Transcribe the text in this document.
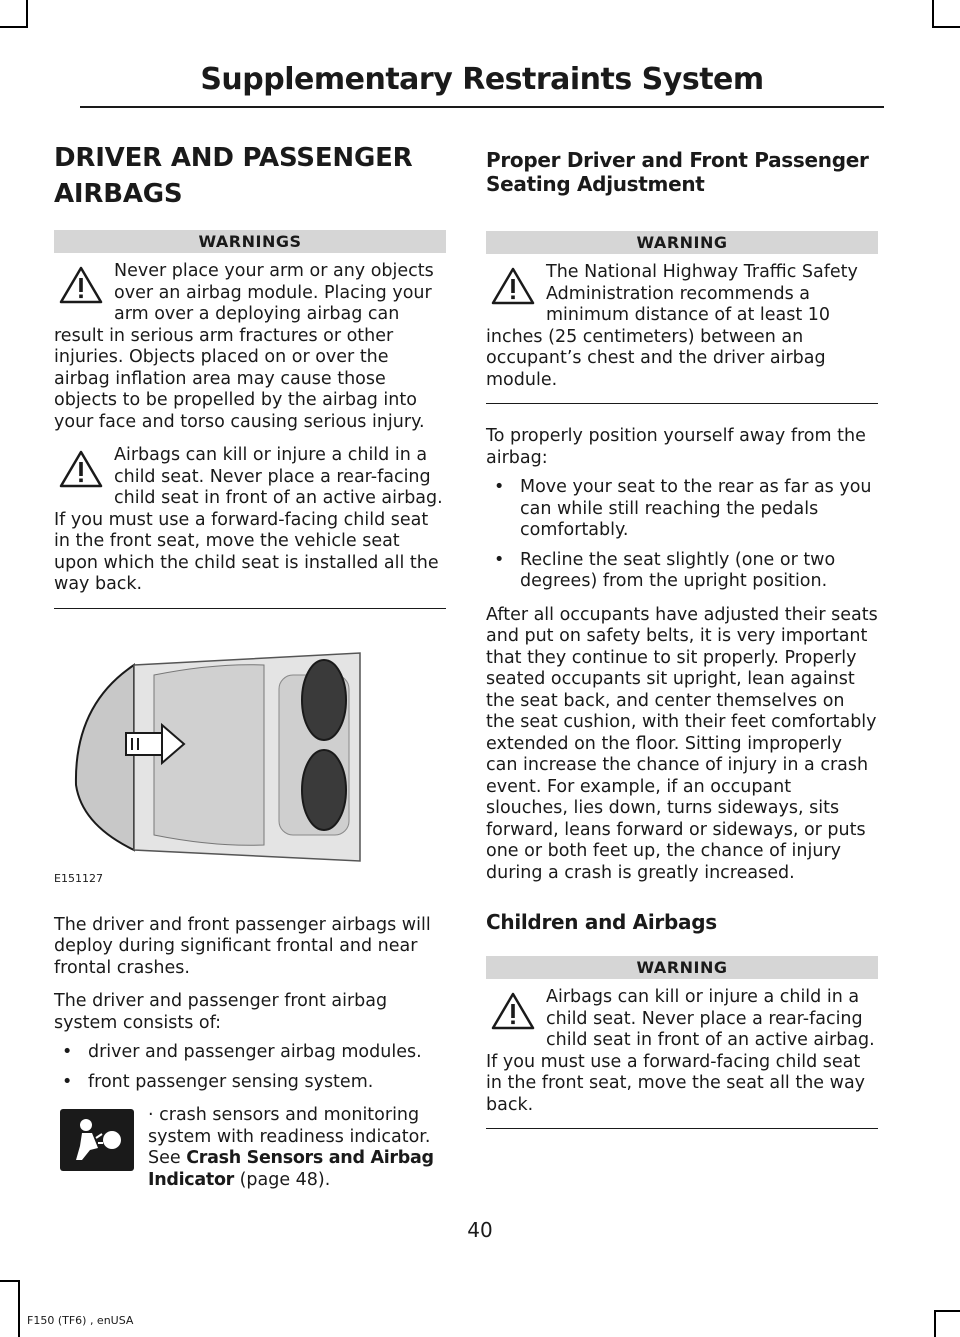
Supplementary Restraints System
DRIVER AND PASSENGER AIRBAGS
WARNINGS
Never place your arm or any objects over an airbag module. Placing your arm over a deploying airbag can result in serious arm fractures or other injuries. Objects placed on or over the airbag inflation area may cause those objects to be propelled by the airbag into your face and torso causing serious injury.
Airbags can kill or injure a child in a child seat. Never place a rear-facing child seat in front of an active airbag. If you must use a forward-facing child seat in the front seat, move the vehicle seat upon which the child seat is installed all the way back.
E151127

The driver and front passenger airbags will deploy during significant frontal and near frontal crashes.

The driver and passenger front airbag system consists of:

• driver and passenger airbag modules.
• front passenger sensing system.

· crash sensors and monitoring system with readiness indicator. See Crash Sensors and Airbag Indicator (page 48).

Proper Driver and Front Passenger Seating Adjustment
WARNING
The National Highway Traffic Safety Administration recommends a minimum distance of at least 10 inches (25 centimeters) between an occupant’s chest and the driver airbag module.

To properly position yourself away from the airbag:

• Move your seat to the rear as far as you can while still reaching the pedals comfortably.
• Recline the seat slightly (one or two degrees) from the upright position.

After all occupants have adjusted their seats and put on safety belts, it is very important that they continue to sit properly. Properly seated occupants sit upright, lean against the seat back, and center themselves on the seat cushion, with their feet comfortably extended on the floor. Sitting improperly can increase the chance of injury in a crash event. For example, if an occupant slouches, lies down, turns sideways, sits forward, leans forward or sideways, or puts one or both feet up, the chance of injury during a crash is greatly increased.

Children and Airbags
WARNING
Airbags can kill or injure a child in a child seat. Never place a rear-facing child seat in front of an active airbag. If you must use a forward-facing child seat in the front seat, move the seat all the way back.
40
F150 (TF6) , enUSA
